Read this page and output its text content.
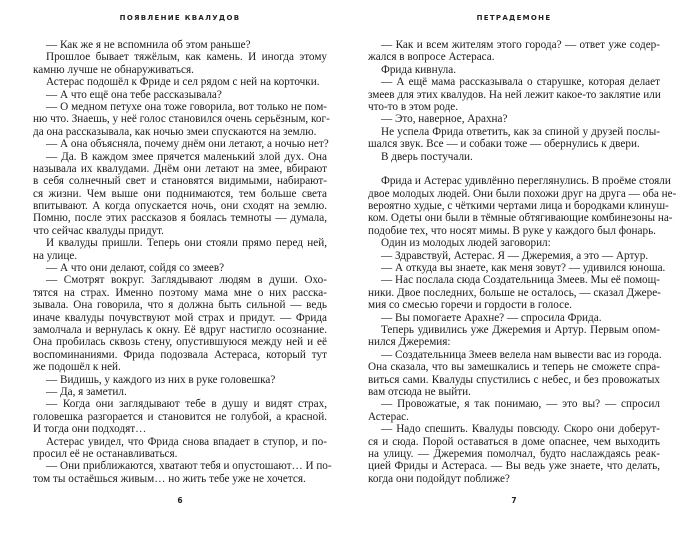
ПОЯВЛЕНИЕ КВАЛУДОВ
— Как же я не вспомнила об этом раньше?
Прошлое бывает тяжёлым, как камень. И иногда этому
камню лучше не обнаруживаться.
Астерас подошёл к Фриде и сел рядом с ней на корточки.
— А что ещё она тебе рассказывала?
— О медном петухе она тоже говорила, вот только не пом-
ню что. Знаешь, у неё голос становился очень серьёзным, ког-
да она рассказывала, как ночью змеи спускаются на землю.
— А она объясняла, почему днём они летают, а ночью нет?
— Да. В каждом змее прячется маленький злой дух. Она
называла их квалудами. Днём они летают на змее, вбирают
в себя солнечный свет и становятся видимыми, набирают-
ся жизни. Чем выше они поднимаются, тем больше света
впитывают. А когда опускается ночь, они сходят на землю.
Помню, после этих рассказов я боялась темноты — думала,
что сейчас квалуды придут.
И квалуды пришли. Теперь они стояли прямо перед ней,
на улице.
— А что они делают, сойдя со змеев?
— Смотрят вокруг. Заглядывают людям в души. Охо-
тятся на страх. Именно поэтому мама мне о них расска-
зывала. Она говорила, что я должна быть сильной — ведь
иначе квалуды почувствуют мой страх и придут. — Фрида
замолчала и вернулась к окну. Её вдруг настигло осознание.
Она пробилась сквозь стену, опустившуюся между ней и её
воспоминаниями. Фрида подозвала Астераса, который тут
же подошёл к ней.
— Видишь, у каждого из них в руке головешка?
— Да, я заметил.
— Когда они заглядывают тебе в душу и видят страх,
головешка разгорается и становится не голубой, а красной.
И тогда они подходят…
Астерас увидел, что Фрида снова впадает в ступор, и по-
просил её не останавливаться.
— Они приближаются, хватают тебя и опустошают… И по-
том ты остаёшься живым… но жить тебе уже не хочется.
6
ПЕТРАДЕМОНЕ
— Как и всем жителям этого города? — ответ уже содер-
жался в вопросе Астераса.
Фрида кивнула.
— А ещё мама рассказывала о старушке, которая делает
змеев для этих квалудов. На ней лежит какое-то заклятие или
что-то в этом роде.
— Это, наверное, Арахна?
Не успела Фрида ответить, как за спиной у друзей послы-
шался звук. Все — и собаки тоже — обернулись к двери.
В дверь постучали.
Фрида и Астерас удивлённо переглянулись. В проёме стояли
двое молодых людей. Они были похожи друг на друга — оба не-
вероятно худые, с чёткими чертами лица и бородками клинуш-
ком. Одеты они были в тёмные обтягивающие комбинезоны на-
подобие тех, что носят мимы. В руке у каждого был фонарь.
Один из молодых людей заговорил:
— Здравствуй, Астерас. Я — Джеремия, а это — Артур.
— А откуда вы знаете, как меня зовут? — удивился юноша.
— Нас послала сюда Создательница Змеев. Мы её помощ-
ники. Двое последних, больше не осталось, — сказал Джере-
мия со смесью горечи и гордости в голосе.
— Вы помогаете Арахне? — спросила Фрида.
Теперь удивились уже Джеремия и Артур. Первым опом-
нился Джеремия:
— Создательница Змеев велела нам вывести вас из города.
Она сказала, что вы замешкались и теперь не сможете спра-
виться сами. Квалуды спустились с небес, и без провожатых
вам отсюда не выйти.
— Провожатые, я так понимаю, — это вы? — спросил
Астерас.
— Надо спешить. Квалуды повсюду. Скоро они доберут-
ся и сюда. Порой оставаться в доме опаснее, чем выходить
на улицу. — Джеремия помолчал, будто наслаждаясь реак-
цией Фриды и Астераса. — Вы ведь уже знаете, что делать,
когда они подойдут поближе?
7
